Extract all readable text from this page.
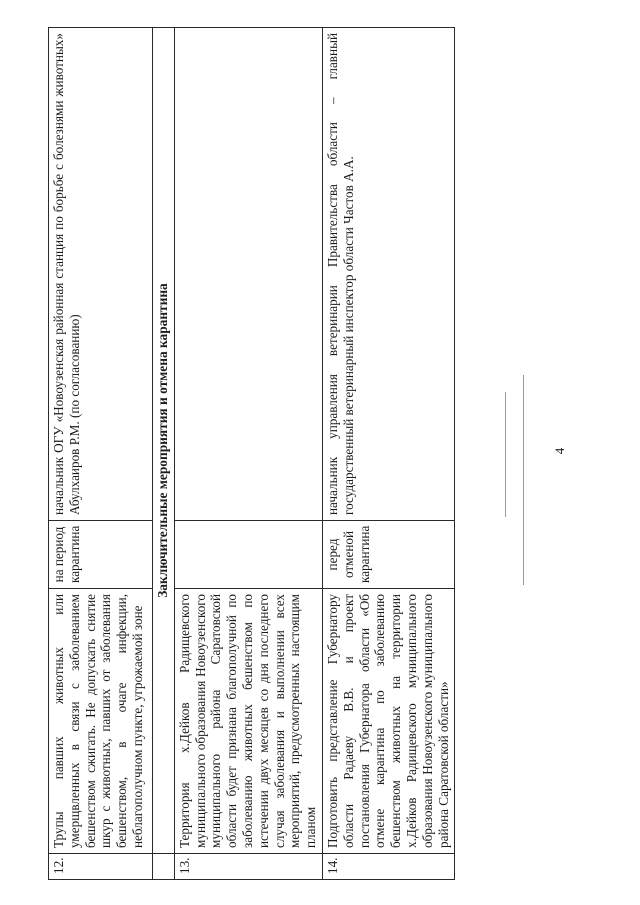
12.	Трупы павших животных или умерщвленных в связи с заболеванием бешенством сжигать. Не допускать снятие шкур с животных, павших от заболевания бешенством, в очаге инфекции, неблагополучном пункте, угрожаемой зоне	на период карантина	начальник ОГУ «Новоузенская районная станция по борьбе с болезнями животных» Абулхаиров Р.М. (по согласованию)
	Заключительные мероприятия и отмена карантина		
13.	Территория х.Дейков Радищевского муниципального образования Новоузенского муниципального района Саратовской области будет признана благополучной по заболеванию животных бешенством по истечении двух месяцев со дня последнего случая заболевания и выполнении всех мероприятий, предусмотренных настоящим планом		
14.	Подготовить представление Губернатору области Радаеву В.В. и проект постановления Губернатора области «Об отмене карантина по заболеванию бешенством животных на территории х.Дейков Радищевского муниципального образования Новоузенского муниципального района Саратовской области»	перед отменой карантина	начальник управления ветеринарии Правительства области – главный государственный ветеринарный инспектор области Частов А.А.	4
